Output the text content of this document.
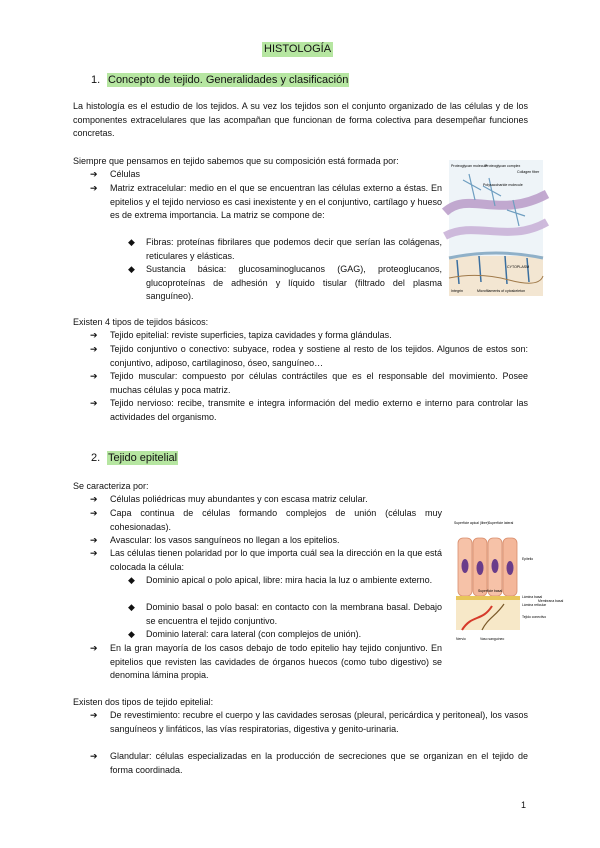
HISTOLOGÍA
1. Concepto de tejido. Generalidades y clasificación

La histología es el estudio de los tejidos. A su vez los tejidos son el conjunto organizado de las células y de los componentes extracelulares que las acompañan que funcionan de forma colectiva para desempeñar funciones concretas.

Siempre que pensamos en tejido sabemos que su composición está formada por:
➔ Células
➔ Matriz extracelular: medio en el que se encuentran las células externo a éstas. En epitelios y el tejido nervioso es casi inexistente y en el conjuntivo, cartílago y hueso es de extrema importancia. La matriz se compone de:
◆ Fibras: proteínas fibrilares que podemos decir que serían las colágenas, reticulares y elásticas.
◆ Sustancia básica: glucosaminoglucanos (GAG), proteoglucanos, glucoproteínas de adhesión y líquido tisular (filtrado del plasma sanguíneo).
Proteoglycan molecule
Proteoglycan complex
Polysaccharide molecule
Collagen fiber
CYTOPLASM
Integrin	Microfilaments of cytoskeleton
Existen 4 tipos de tejidos básicos:
➔ Tejido epitelial: reviste superficies, tapiza cavidades y forma glándulas.
➔ Tejido conjuntivo o conectivo: subyace, rodea y sostiene al resto de los tejidos. Algunos de estos son: conjuntivo, adiposo, cartilaginoso, óseo, sanguíneo…
➔ Tejido muscular: compuesto por células contráctiles que es el responsable del movimiento. Posee muchas células y poca matriz.
➔ Tejido nervioso: recibe, transmite e integra información del medio externo e interno para controlar las actividades del organismo.
2. Tejido epitelial
Se caracteriza por:
➔ Células poliédricas muy abundantes y con escasa matriz celular.
➔ Capa continua de células formando complejos de unión (células muy cohesionadas).
➔ Avascular: los vasos sanguíneos no llegan a los epitelios.
➔ Las células tienen polaridad por lo que importa cuál sea la dirección en la que está colocada la célula:
◆ Dominio apical o polo apical, libre: mira hacia la luz o ambiente externo.
◆ Dominio basal o polo basal: en contacto con la membrana basal. Debajo se encuentra el tejido conjuntivo.
◆ Dominio lateral: cara lateral (con complejos de unión).
➔ En la gran mayoría de los casos debajo de todo epitelio hay tejido conjuntivo. En epitelios que revisten las cavidades de órganos huecos (como tubo digestivo) se denomina lámina propia.
Superficie apical (libre) Superficie lateral
Epitelio
Superficie basal
Lámina basal
Lámina reticular
Membrana basal
Tejido conectivo
Nervio	Vaso sanguíneo
Existen dos tipos de tejido epitelial:
➔ De revestimiento: recubre el cuerpo y las cavidades serosas (pleural, pericárdica y peritoneal), los vasos sanguíneos y linfáticos, las vías respiratorias, digestiva y genito-urinaria.
➔ Glandular: células especializadas en la producción de secreciones que se organizan en el tejido de forma coordinada.
1
